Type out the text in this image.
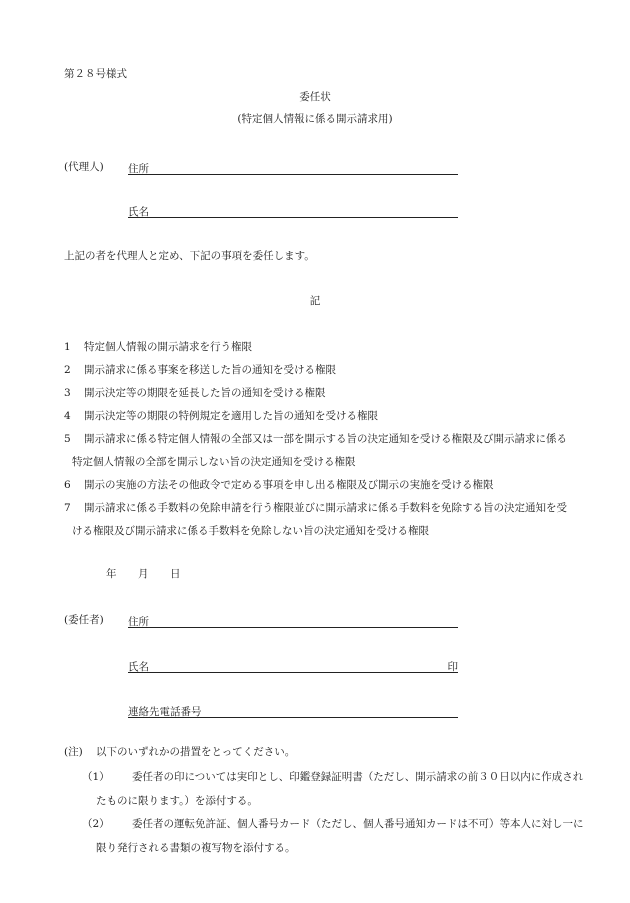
第２８号様式
委任状
(特定個人情報に係る開示請求用)
(代理人) 住所
氏名
上記の者を代理人と定め、下記の事項を委任します。
記
1 特定個人情報の開示請求を行う権限
2 開示請求に係る事案を移送した旨の通知を受ける権限
3 開示決定等の期限を延長した旨の通知を受ける権限
4 開示決定等の期限の特例規定を適用した旨の通知を受ける権限
5 開示請求に係る特定個人情報の全部又は一部を開示する旨の決定通知を受ける権限及び開示請求に係る
特定個人情報の全部を開示しない旨の決定通知を受ける権限
6 開示の実施の方法その他政令で定める事項を申し出る権限及び開示の実施を受ける権限
7 開示請求に係る手数料の免除申請を行う権限並びに開示請求に係る手数料を免除する旨の決定通知を受
ける権限及び開示請求に係る手数料を免除しない旨の決定通知を受ける権限
年 月 日
(委任者) 住所
氏名	印
連絡先電話番号
(注) 以下のいずれかの措置をとってください。
（1） 委任者の印については実印とし、印鑑登録証明書（ただし、開示請求の前３０日以内に作成され
たものに限ります。）を添付する。
（2） 委任者の運転免許証、個人番号カード（ただし、個人番号通知カードは不可）等本人に対し一に
限り発行される書類の複写物を添付する。
